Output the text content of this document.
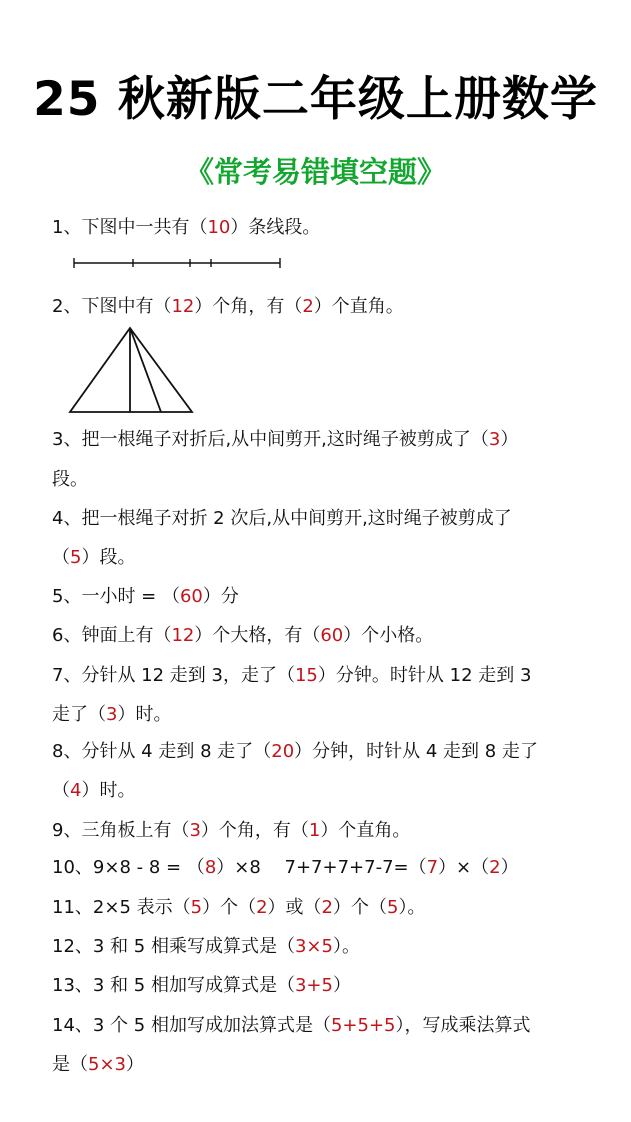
25 秋新版二年级上册数学
《常考易错填空题》
1、下图中一共有（10）条线段。
2、下图中有（12）个角，有（2）个直角。
3、把一根绳子对折后,从中间剪开,这时绳子被剪成了（3）
段。
4、把一根绳子对折 2 次后,从中间剪开,这时绳子被剪成了
（5）段。
5、一小时 = （60）分
6、钟面上有（12）个大格，有（60）个小格。
7、分针从 12 走到 3，走了（15）分钟。时针从 12 走到 3
走了（3）时。
8、分针从 4 走到 8 走了（20）分钟，时针从 4 走到 8 走了
（4）时。
9、三角板上有（3）个角，有（1）个直角。
10、9×8 - 8 = （8）×8　 7+7+7+7-7=（7）×（2）
11、2×5 表示（5）个（2）或（2）个（5）。
12、3 和 5 相乘写成算式是（3×5）。
13、3 和 5 相加写成算式是（3+5）
14、3 个 5 相加写成加法算式是（5+5+5），写成乘法算式
是（5×3）
